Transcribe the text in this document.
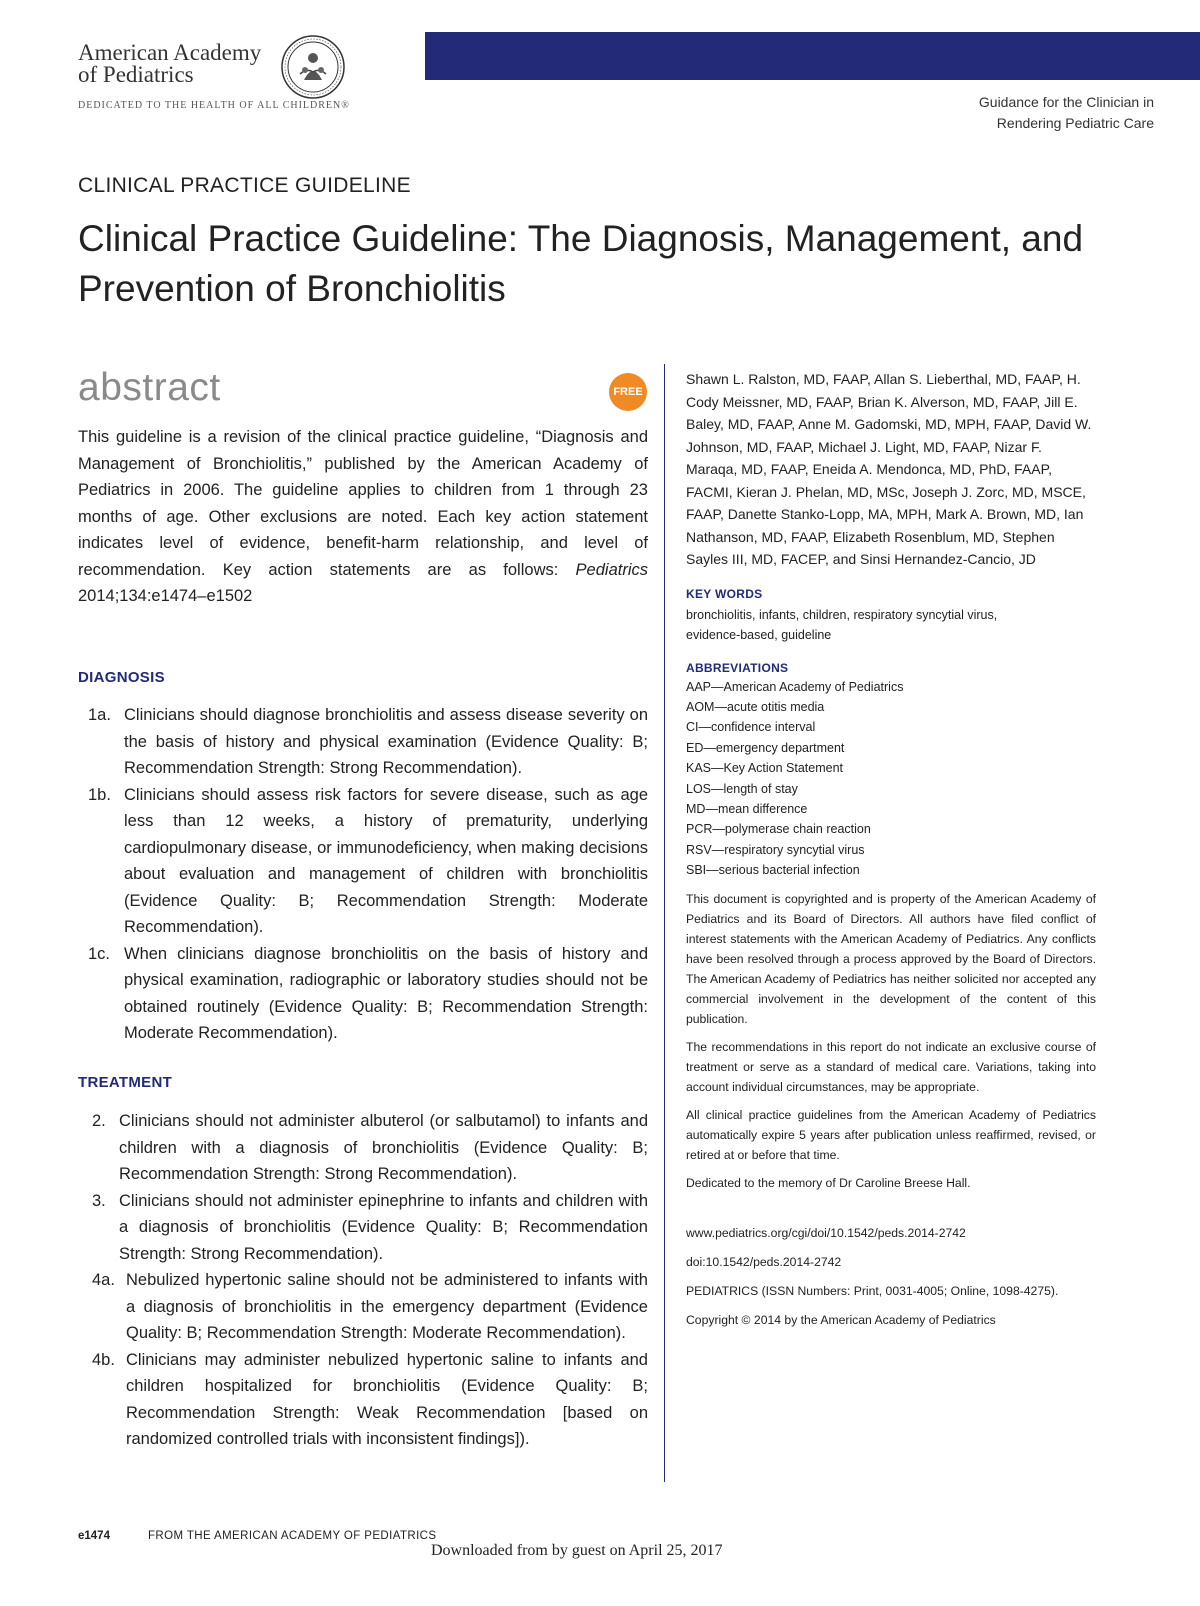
American Academy
of Pediatrics
DEDICATED TO THE HEALTH OF ALL CHILDREN®	Guidance for the Clinician in
Rendering Pediatric Care
CLINICAL PRACTICE GUIDELINE
Clinical Practice Guideline: The Diagnosis, Management, and Prevention of Bronchiolitis
abstract	FREE
This guideline is a revision of the clinical practice guideline, “Diagnosis and Management of Bronchiolitis,” published by the American Academy of Pediatrics in 2006. The guideline applies to children from 1 through 23 months of age. Other exclusions are noted. Each key action statement indicates level of evidence, benefit-harm relationship, and level of recommendation. Key action statements are as follows: Pediatrics 2014;134:e1474–e1502
DIAGNOSIS
1a. Clinicians should diagnose bronchiolitis and assess disease severity on the basis of history and physical examination (Evidence Quality: B; Recommendation Strength: Strong Recommendation).
1b. Clinicians should assess risk factors for severe disease, such as age less than 12 weeks, a history of prematurity, underlying cardiopulmonary disease, or immunodeficiency, when making decisions about evaluation and management of children with bronchiolitis (Evidence Quality: B; Recommendation Strength: Moderate Recommendation).
1c. When clinicians diagnose bronchiolitis on the basis of history and physical examination, radiographic or laboratory studies should not be obtained routinely (Evidence Quality: B; Recommendation Strength: Moderate Recommendation).
TREATMENT
2. Clinicians should not administer albuterol (or salbutamol) to infants and children with a diagnosis of bronchiolitis (Evidence Quality: B; Recommendation Strength: Strong Recommendation).
3. Clinicians should not administer epinephrine to infants and children with a diagnosis of bronchiolitis (Evidence Quality: B; Recommendation Strength: Strong Recommendation).
4a. Nebulized hypertonic saline should not be administered to infants with a diagnosis of bronchiolitis in the emergency department (Evidence Quality: B; Recommendation Strength: Moderate Recommendation).
4b. Clinicians may administer nebulized hypertonic saline to infants and children hospitalized for bronchiolitis (Evidence Quality: B; Recommendation Strength: Weak Recommendation [based on randomized controlled trials with inconsistent findings]).
Shawn L. Ralston, MD, FAAP, Allan S. Lieberthal, MD, FAAP, H. Cody Meissner, MD, FAAP, Brian K. Alverson, MD, FAAP, Jill E. Baley, MD, FAAP, Anne M. Gadomski, MD, MPH, FAAP, David W. Johnson, MD, FAAP, Michael J. Light, MD, FAAP, Nizar F. Maraqa, MD, FAAP, Eneida A. Mendonca, MD, PhD, FAAP, FACMI, Kieran J. Phelan, MD, MSc, Joseph J. Zorc, MD, MSCE, FAAP, Danette Stanko-Lopp, MA, MPH, Mark A. Brown, MD, Ian Nathanson, MD, FAAP, Elizabeth Rosenblum, MD, Stephen Sayles III, MD, FACEP, and Sinsi Hernandez-Cancio, JD
KEY WORDS
bronchiolitis, infants, children, respiratory syncytial virus,
evidence-based, guideline
ABBREVIATIONS
AAP—American Academy of Pediatrics
AOM—acute otitis media
CI—confidence interval
ED—emergency department
KAS—Key Action Statement
LOS—length of stay
MD—mean difference
PCR—polymerase chain reaction
RSV—respiratory syncytial virus
SBI—serious bacterial infection
This document is copyrighted and is property of the American Academy of Pediatrics and its Board of Directors. All authors have filed conflict of interest statements with the American Academy of Pediatrics. Any conflicts have been resolved through a process approved by the Board of Directors. The American Academy of Pediatrics has neither solicited nor accepted any commercial involvement in the development of the content of this publication.
The recommendations in this report do not indicate an exclusive course of treatment or serve as a standard of medical care. Variations, taking into account individual circumstances, may be appropriate.
All clinical practice guidelines from the American Academy of Pediatrics automatically expire 5 years after publication unless reaffirmed, revised, or retired at or before that time.
Dedicated to the memory of Dr Caroline Breese Hall.
www.pediatrics.org/cgi/doi/10.1542/peds.2014-2742
doi:10.1542/peds.2014-2742
PEDIATRICS (ISSN Numbers: Print, 0031-4005; Online, 1098-4275).
Copyright © 2014 by the American Academy of Pediatrics
e1474	FROM THE AMERICAN ACADEMY OF PEDIATRICS
Downloaded from by guest on April 25, 2017
